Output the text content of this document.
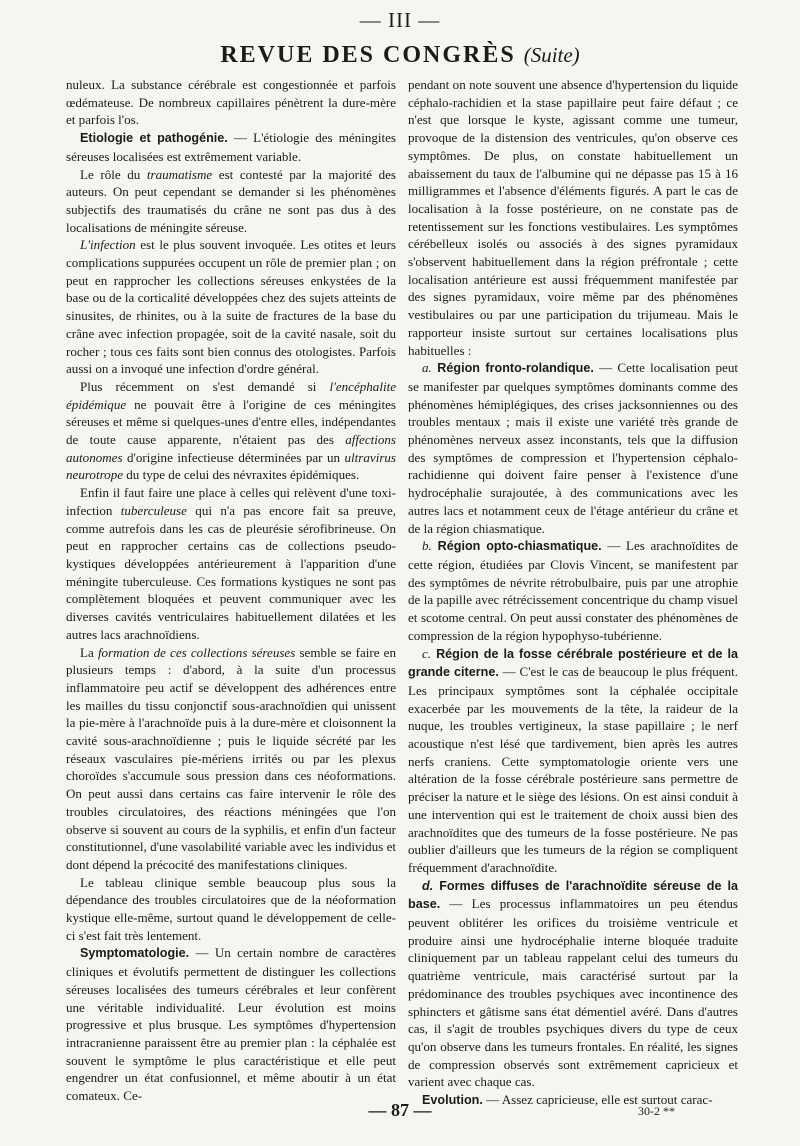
— III —
REVUE DES CONGRÈS (Suite)

nuleux. La substance cérébrale est congestionnée et parfois œdémateuse. De nombreux capillaires pénètrent la dure-mère et parfois l'os.

Etiologie et pathogénie. — L'étiologie des méningites séreuses localisées est extrêmement variable.

Le rôle du traumatisme est contesté par la majorité des auteurs. On peut cependant se demander si les phénomènes subjectifs des traumatisés du crâne ne sont pas dus à des localisations de méningite séreuse.

L'infection est le plus souvent invoquée. Les otites et leurs complications suppurées occupent un rôle de premier plan ; on peut en rapprocher les collections séreuses enkystées de la base ou de la corticalité développées chez des sujets atteints de sinusites, de rhinites, ou à la suite de fractures de la base du crâne avec infection propagée, soit de la cavité nasale, soit du rocher ; tous ces faits sont bien connus des otologistes. Parfois aussi on a invoqué une infection d'ordre général.

Plus récemment on s'est demandé si l'encéphalite épidémique ne pouvait être à l'origine de ces méningites séreuses et même si quelques-unes d'entre elles, indépendantes de toute cause apparente, n'étaient pas des affections autonomes d'origine infectieuse déterminées par un ultravirus neurotrope du type de celui des névraxites épidémiques.

Enfin il faut faire une place à celles qui relèvent d'une toxi-infection tuberculeuse qui n'a pas encore fait sa preuve, comme autrefois dans les cas de pleurésie sérofibrineuse. On peut en rapprocher certains cas de collections pseudo-kystiques développées antérieurement à l'apparition d'une méningite tuberculeuse. Ces formations kystiques ne sont pas complètement bloquées et peuvent communiquer avec les diverses cavités ventriculaires habituellement dilatées et les autres lacs arachnoïdiens.

La formation de ces collections séreuses semble se faire en plusieurs temps : d'abord, à la suite d'un processus inflammatoire peu actif se développent des adhérences entre les mailles du tissu conjonctif sous-arachnoïdien qui unissent la pie-mère à l'arachnoïde puis à la dure-mère et cloisonnent la cavité sous-arachnoïdienne ; puis le liquide sécrété par les réseaux vasculaires pie-mériens irrités ou par les plexus choroïdes s'accumule sous pression dans ces néoformations. On peut aussi dans certains cas faire intervenir le rôle des troubles circulatoires, des réactions méningées que l'on observe si souvent au cours de la syphilis, et enfin d'un facteur constitutionnel, d'une vasolabilité variable avec les individus et dont dépend la précocité des manifestations cliniques.

Le tableau clinique semble beaucoup plus sous la dépendance des troubles circulatoires que de la néoformation kystique elle-même, surtout quand le développement de celle-ci s'est fait très lentement.

Symptomatologie. — Un certain nombre de caractères cliniques et évolutifs permettent de distinguer les collections séreuses localisées des tumeurs cérébrales et leur confèrent une véritable individualité. Leur évolution est moins progressive et plus brusque. Les symptômes d'hypertension intracranienne paraissent être au premier plan : la céphalée est souvent le symptôme le plus caractéristique et elle peut engendrer un état confusionnel, et même aboutir à un état comateux. Ce-

pendant on note souvent une absence d'hypertension du liquide céphalo-rachidien et la stase papillaire peut faire défaut ; ce n'est que lorsque le kyste, agissant comme une tumeur, provoque de la distension des ventricules, qu'on observe ces symptômes. De plus, on constate habituellement un abaissement du taux de l'albumine qui ne dépasse pas 15 à 16 milligrammes et l'absence d'éléments figurés. A part le cas de localisation à la fosse postérieure, on ne constate pas de retentissement sur les fonctions vestibulaires. Les symptômes cérébelleux isolés ou associés à des signes pyramidaux s'observent habituellement dans la région préfrontale ; cette localisation antérieure est aussi fréquemment manifestée par des signes pyramidaux, voire même par des phénomènes vestibulaires ou par une participation du trijumeau. Mais le rapporteur insiste surtout sur certaines localisations plus habituelles :

a. Région fronto-rolandique. — Cette localisation peut se manifester par quelques symptômes dominants comme des phénomènes hémiplégiques, des crises jacksonniennes ou des troubles mentaux ; mais il existe une variété très grande de phénomènes nerveux assez inconstants, tels que la diffusion des symptômes de compression et l'hypertension céphalo-rachidienne qui doivent faire penser à l'existence d'une hydrocéphalie surajoutée, à des communications avec les autres lacs et notamment ceux de l'étage antérieur du crâne et de la région chiasmatique.

b. Région opto-chiasmatique. — Les arachnoïdites de cette région, étudiées par Clovis Vincent, se manifestent par des symptômes de névrite rétrobulbaire, puis par une atrophie de la papille avec rétrécissement concentrique du champ visuel et scotome central. On peut aussi constater des phénomènes de compression de la région hypophyso-tubérienne.

c. Région de la fosse cérébrale postérieure et de la grande citerne. — C'est le cas de beaucoup le plus fréquent. Les principaux symptômes sont la céphalée occipitale exacerbée par les mouvements de la tête, la raideur de la nuque, les troubles vertigineux, la stase papillaire ; le nerf acoustique n'est lésé que tardivement, bien après les autres nerfs craniens. Cette symptomatologie oriente vers une altération de la fosse cérébrale postérieure sans permettre de préciser la nature et le siège des lésions. On est ainsi conduit à une intervention qui est le traitement de choix aussi bien des arachnoïdites que des tumeurs de la fosse postérieure. Ne pas oublier d'ailleurs que les tumeurs de la région se compliquent fréquemment d'arachnoïdite.

d. Formes diffuses de l'arachnoïdite séreuse de la base. — Les processus inflammatoires un peu étendus peuvent oblitérer les orifices du troisième ventricule et produire ainsi une hydrocéphalie interne bloquée traduite cliniquement par un tableau rappelant celui des tumeurs du quatrième ventricule, mais caractérisé surtout par la prédominance des troubles psychiques avec incontinence des sphincters et gâtisme sans état démentiel avéré. Dans d'autres cas, il s'agit de troubles psychiques divers du type de ceux qu'on observe dans les tumeurs frontales. En réalité, les signes de compression observés sont extrêmement capricieux et varient avec chaque cas.

Evolution. — Assez capricieuse, elle est surtout carac-

— 87 —	30-2 **
